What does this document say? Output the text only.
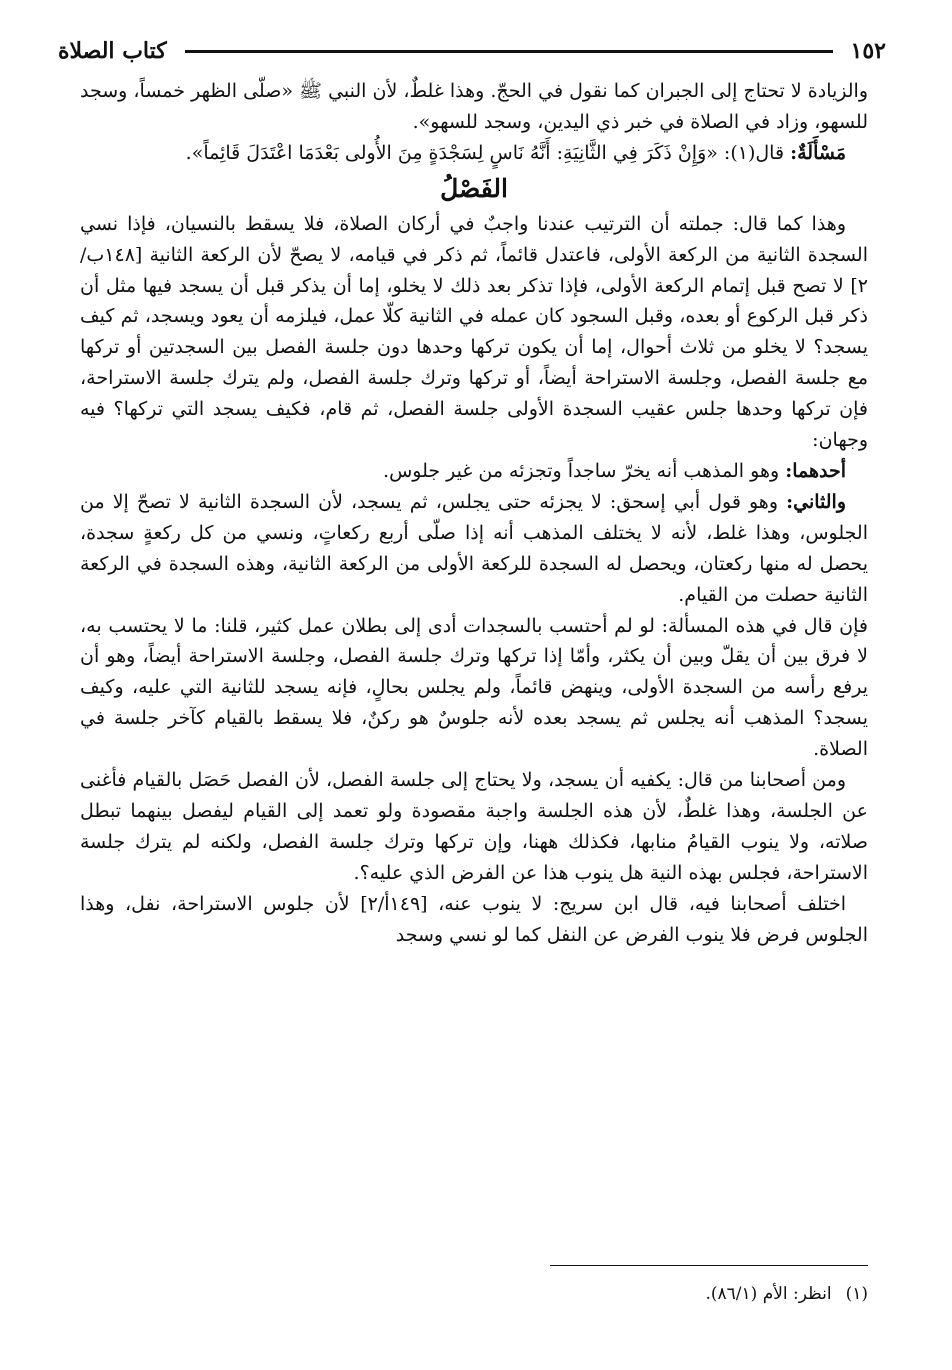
١٥٢
كتاب الصلاة

والزيادة لا تحتاج إلى الجبران كما نقول في الحجّ. وهذا غلطٌ، لأن النبي ﷺ «صلّى الظهر خمساً، وسجد للسهو، وزاد في الصلاة في خبر ذي اليدين، وسجد للسهو».

مَسْأَلَةٌ: قال(١): «وَإِنْ ذَكَرَ فِي الثَّانِيَةِ: أَنَّهُ نَاسٍ لِسَجْدَةٍ مِنَ الأُولى بَعْدَمَا اعْتَدَلَ قَائِماً».

الفَصْلُ

وهذا كما قال: جملته أن الترتيب عندنا واجبٌ في أركان الصلاة، فلا يسقط بالنسيان، فإذا نسي السجدة الثانية من الركعة الأولى، فاعتدل قائماً، ثم ذكر في قيامه، لا يصحّ لأن الركعة الثانية [١٤٨ب/٢] لا تصح قبل إتمام الركعة الأولى، فإذا تذكر بعد ذلك لا يخلو، إما أن يذكر قبل أن يسجد فيها مثل أن ذكر قبل الركوع أو بعده، وقبل السجود كان عمله في الثانية كلّا عمل، فيلزمه أن يعود ويسجد، ثم كيف يسجد؟ لا يخلو من ثلاث أحوال، إما أن يكون تركها وحدها دون جلسة الفصل بين السجدتين أو تركها مع جلسة الفصل، وجلسة الاستراحة أيضاً، أو تركها وترك جلسة الفصل، ولم يترك جلسة الاستراحة، فإن تركها وحدها جلس عقيب السجدة الأولى جلسة الفصل، ثم قام، فكيف يسجد التي تركها؟ فيه وجهان:

أحدهما: وهو المذهب أنه يخرّ ساجداً وتجزئه من غير جلوس.

والثاني: وهو قول أبي إسحق: لا يجزئه حتى يجلس، ثم يسجد، لأن السجدة الثانية لا تصحّ إلا من الجلوس، وهذا غلط، لأنه لا يختلف المذهب أنه إذا صلّى أربع ركعاتٍ، ونسي من كل ركعةٍ سجدة، يحصل له منها ركعتان، ويحصل له السجدة للركعة الأولى من الركعة الثانية، وهذه السجدة في الركعة الثانية حصلت من القيام.

فإن قال في هذه المسألة: لو لم أحتسب بالسجدات أدى إلى بطلان عمل كثير، قلنا: ما لا يحتسب به، لا فرق بين أن يقلّ وبين أن يكثر، وأمّا إذا تركها وترك جلسة الفصل، وجلسة الاستراحة أيضاً، وهو أن يرفع رأسه من السجدة الأولى، وينهض قائماً، ولم يجلس بحالٍ، فإنه يسجد للثانية التي عليه، وكيف يسجد؟ المذهب أنه يجلس ثم يسجد بعده لأنه جلوسٌ هو ركنٌ، فلا يسقط بالقيام كآخر جلسة في الصلاة.

ومن أصحابنا من قال: يكفيه أن يسجد، ولا يحتاج إلى جلسة الفصل، لأن الفصل حَصَل بالقيام فأغنى عن الجلسة، وهذا غلطٌ، لأن هذه الجلسة واجبة مقصودة ولو تعمد إلى القيام ليفصل بينهما تبطل صلاته، ولا ينوب القيامُ منابها، فكذلك ههنا، وإن تركها وترك جلسة الفصل، ولكنه لم يترك جلسة الاستراحة، فجلس بهذه النية هل ينوب هذا عن الفرض الذي عليه؟.

اختلف أصحابنا فيه، قال ابن سريج: لا ينوب عنه، [١٤٩أ/٢] لأن جلوس الاستراحة، نفل، وهذا الجلوس فرض فلا ينوب الفرض عن النفل كما لو نسي وسجد

(١)انظر: الأم (٨٦/١).
